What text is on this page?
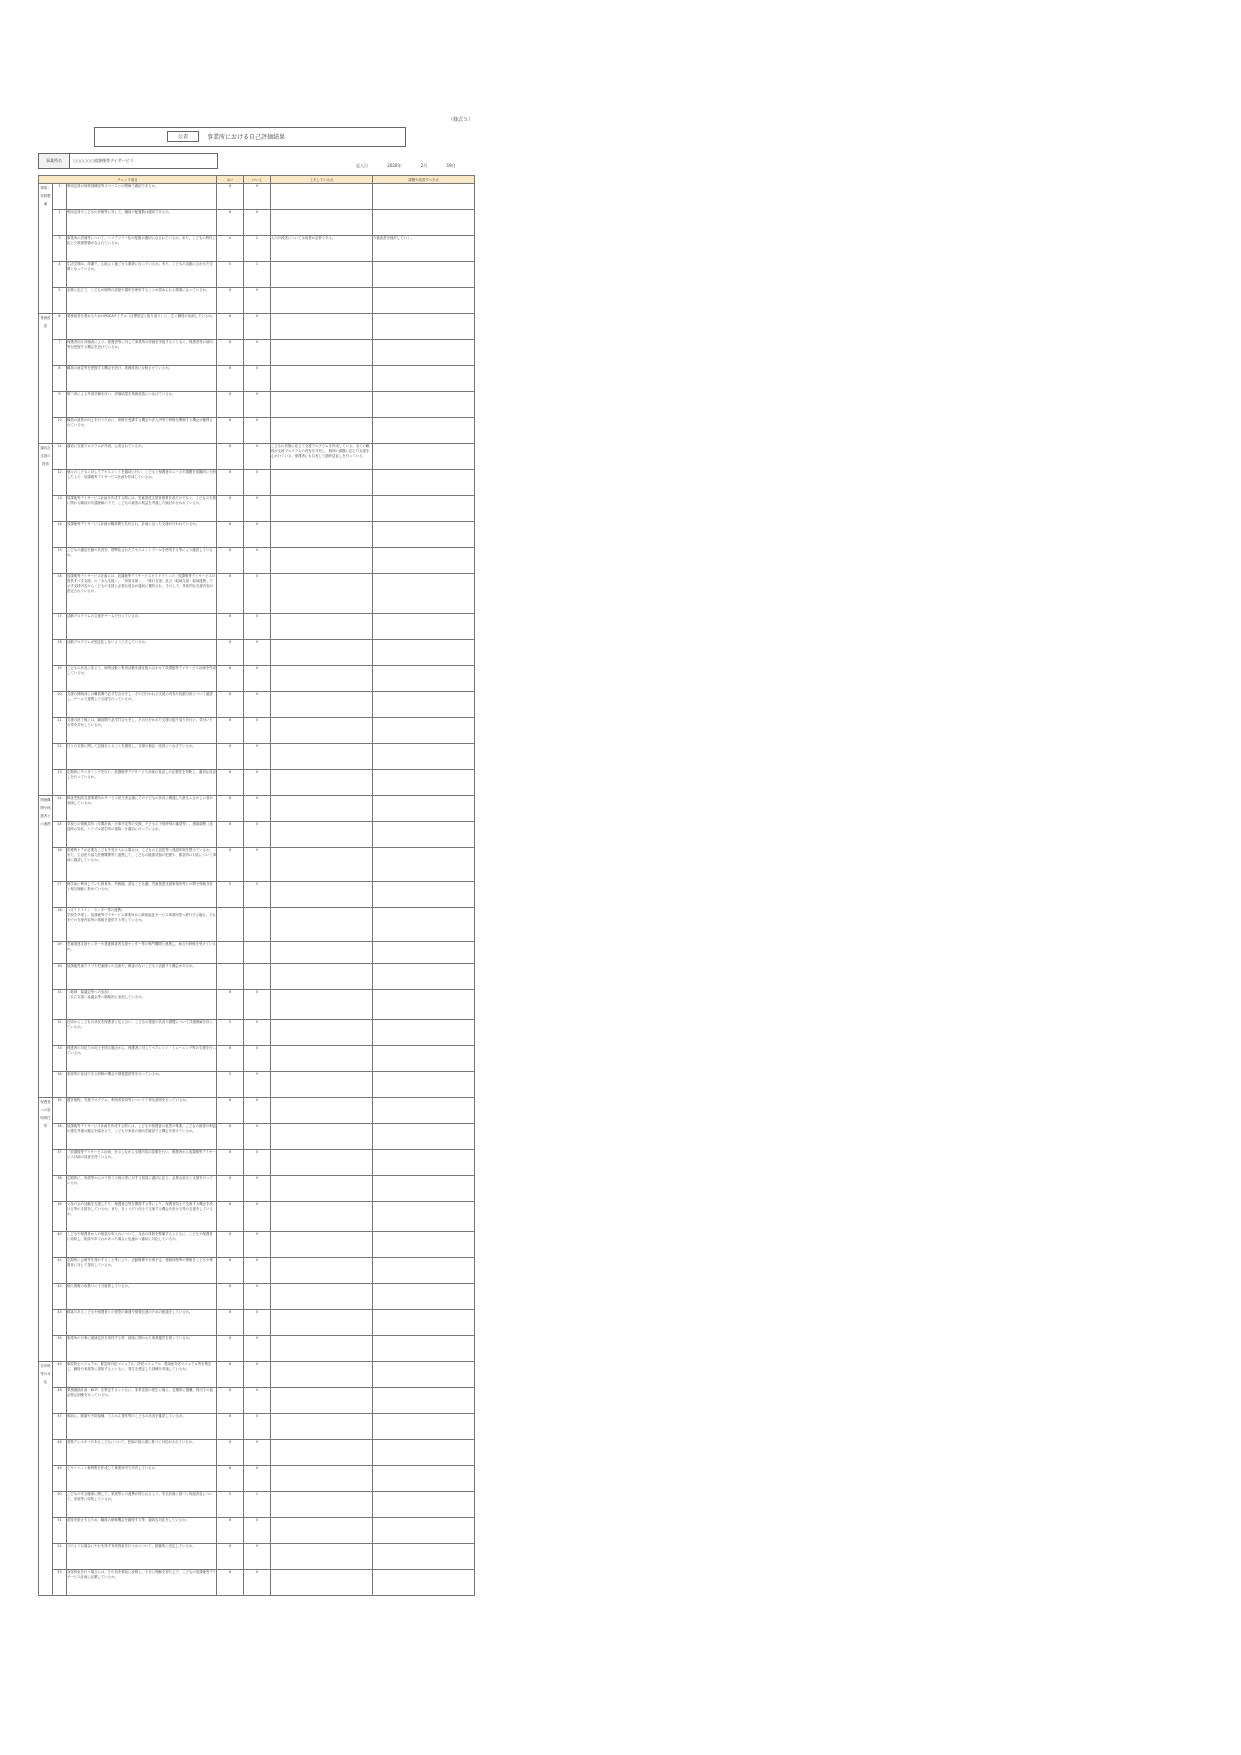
（様式５）
公表	事業所における自己評価結果
事業所名	○○○○○○放課後等デイサービス
記入日	2020年	2月	19日
チェック項目			はい	いいえ	工夫している点	課題や改善すべき点
環境・体制整備	1	利用定員が指導訓練室等スペースとの関係で適切であるか。	6	0		
	2	利用定員やこどもの状態等に対して、職員の配置数は適切であるか。	6	0		
	3	事業所の設備等について、バリアフリー化の配慮が適切になされているか。また、こどもの特性に応じた環境整備がなされているか。	4	2	入口の段差については改善が必要である。	今後改善を検討していく。
	4	生活空間は、清潔で、心地よく過ごせる環境になっているか。また、こどもの活動に合わせた空間となっているか。	5	1		
	5	必要に応じて、こどもが個別の部屋や場所を使用することが認められる環境になっているか。	6	0		
業務改善	6	業務改善を進めるためのPDCAサイクル（目標設定と振り返り）に、広く職員が参画しているか。	6	0		
	7	保護者向け評価表により、保護者等に対して事業所の評価を実施するとともに、保護者等の意向等を把握する機会を設けているか。	6	0		
	8	職員の意見等を把握する機会を設け、業務改善に反映させているか。	6	0		
	9	第三者による外部評価を行い、評価結果を業務改善につなげているか。	6	0		
	10	職員の資質の向上を行うために、研修を受講する機会や法人内等で研修を開催する機会が確保されているか。	6	0		
適切な支援の提供	11	適切に支援プログラムが作成、公表されているか。	6	0	こどもの状態に応じて支援プログラムを作成している。全ての職員が支援プログラムの内容を共有し、個別の課題に応じた支援を心がけている。保護者にも共有して随時見直しを行っている。	
	12	個々のこどもに対してアセスメントを適切に行い、こどもと保護者のニーズや課題を客観的に分析した上で、放課後等デイサービス計画を作成しているか。	6	0		
	13	放課後等デイサービス計画を作成する際には、児童発達支援管理責任者だけでなく、こどもの支援に関わる職員が共通理解の下で、こどもの最善の利益を考慮した検討が行われているか。	6	0		
	14	放課後等デイサービス計画が職員間で共有され、計画に沿った支援が行われているか。	6	0		
	15	こどもの適応行動の状況を、標準化されたアセスメントツールを使用する等により確認しているか。	6	0		
	16	放課後等デイサービス計画には、放課後等デイサービスガイドラインの「放課後等デイサービスの提供すべき支援」の「本人支援」、「家族支援」、「移行支援」及び「地域支援・地域連携」で示す支援内容からこどもの支援に必要な項目が適切に選択され、その上で、具体的な支援内容が設定されているか。	6	0		
	17	活動プログラムの立案をチームで行っているか。	6	0		
	18	活動プログラムが固定化しないよう工夫しているか。	6	0		
	19	こどもの状況に応じて、個別活動と集団活動を適宜組み合わせて放課後等デイサービス計画を作成しているか。	6	0		
	20	支援の開始前には職員間で必ず打合せをし、その日行われる支援の内容や役割分担について確認し、チームで連携して支援を行っているか。	6	0		
	21	支援の終了後には、職員間で必ず打合せをし、その日行われた支援の振り返りを行い、気付いた点等を共有しているか。	6	0		
	22	日々の支援に関して記録をとることを徹底し、支援の検証・改善につなげているか。	6	0		
	23	定期的にモニタリングを行い、放課後等デイサービス計画の見直しの必要性を判断し、適切な見直しを行っているか。	6	0		
関係機関や保護者との連携	24	障害児相談支援事業所のサービス担当者会議にその子どもの状況に精通した最もふさわしい者が参画しているか。	6	0		
	25	学校との情報共有（年間計画・行事予定等の交換、子どもの下校時刻の確認等）、連絡調整（送迎時の対応、トラブル発生時の連絡）を適切に行っているか。	6	0		
	26	医療的ケアが必要なこどもを受け入れる場合は、こどもの主治医等と連絡体制を整えているか。また、主治医や協力医療機関等と連携して、こどもの健康状態の把握や、緊急時の対応について事前に確認しているか。	6	0		
	27	就学前に利用していた保育所、幼稚園、認定こども園、児童発達支援事業所等との間で情報共有と相互理解に努めているか。	5	5		
	28	（ガイドライン　センター等の連携）
学校を卒業し、放課後等デイサービス事業所から障害福祉サービス事業所等へ移行する場合、それまでの支援内容等の情報を提供する等しているか。				

	29	児童発達支援センターや発達障害者支援センター等の専門機関と連携し、助言や研修を受けているか。				

	30	放課後児童クラブや児童館との交流や、障害のないこどもと活動する機会があるか。				

	31	（地域　協議会等への参加）
（自立支援）協議会等へ積極的に参加しているか。	6	0		
	32	日頃からこどもの状況を保護者と伝え合い、こどもの発達の状況や課題について共通理解を持っているか。	5	5		
	33	保護者の対応力の向上を図る観点から、保護者に対してペアレント・トレーニング等の支援を行っているか。	6	0		
	34	家族等の参加できる研修の機会や情報提供等を行っているか。	5	5		
保護者への説明責任等	35	運営規程、支援プログラム、利用者負担等について丁寧な説明を行っているか。	6	0		
	36	放課後等デイサービス計画を作成する際には、こどもや保護者の意思の尊重、こどもの最善の利益の優先考慮の観点を踏まえて、こどもや家族の意向を確認する機会を設けているか。	6	0		
	37	「放課後等デイサービス計画」を示しながら支援内容の説明を行い、保護者から放課後等デイサービス計画の同意を得ているか。	6	0		
	38	定期的に、家族等からの子育ての悩み等に対する相談に適切に応じ、必要な助言と支援を行っているか。	6	0		
	39	父母の会の活動を支援したり、保護者会等を開催する等により、保護者同士で交流する機会を設ける等の支援をしているか。また、きょうだい同士で交流する機会を設ける等の支援をしているか。	6	0		
	40	こどもや保護者からの相談や申入れについて、対応の体制を整備するとともに、こどもや保護者に周知し、相談や申入れがあった場合に迅速かつ適切に対応しているか。	6	0		
	41	定期的に会報等を発行すること等により、活動概要や行事予定、連絡体制等の情報をこどもや保護者に対して発信しているか。	6	0		
	42	個人情報の取扱いに十分留意しているか。	6	0		
	43	障害のあるこどもや保護者との意思の疎通や情報伝達のための配慮をしているか。	6	0		
	44	事業所の行事に地域住民を招待する等、地域に開かれた事業運営を図っているか。	6	0		
非常時等の対応	45	事故防止マニュアル、緊急時対応マニュアル、防犯マニュアル、感染症対応マニュアル等を策定し、職員や家族等に周知するとともに、発生を想定した訓練を実施しているか。	6	0		
	46	業務継続計画（BCP）を策定するとともに、非常災害の発生に備え、定期的に避難、救出その他必要な訓練を行っているか。	6	0		
	47	事前に、服薬や予防接種、てんかん発作等のこどもの状況を確認しているか。	6	0		
	48	食物アレルギーのあるこどもについて、医師の指示書に基づく対応がされているか。	6	0		
	49	ヒヤリハット事例集を作成して事業所内で共有しているか。	6	0		
	50	こどもの安全確保に関して、家族等との連携が図られるよう、安全計画に基づく取組内容について、家族等に周知しているか。	5	1		
	51	虐待を防止するため、職員の研修機会を確保する等、適切な対応をしているか。	6	0		
	52	どのような場合にやむを得ず身体拘束を行うかについて、組織的に決定しているか。	6	0		
	53	身体拘束を行う場合には、その旨を事前に説明し、十分に理解を得た上で、こどもの放課後等デイサービス計画に記載しているか。	6	0		
